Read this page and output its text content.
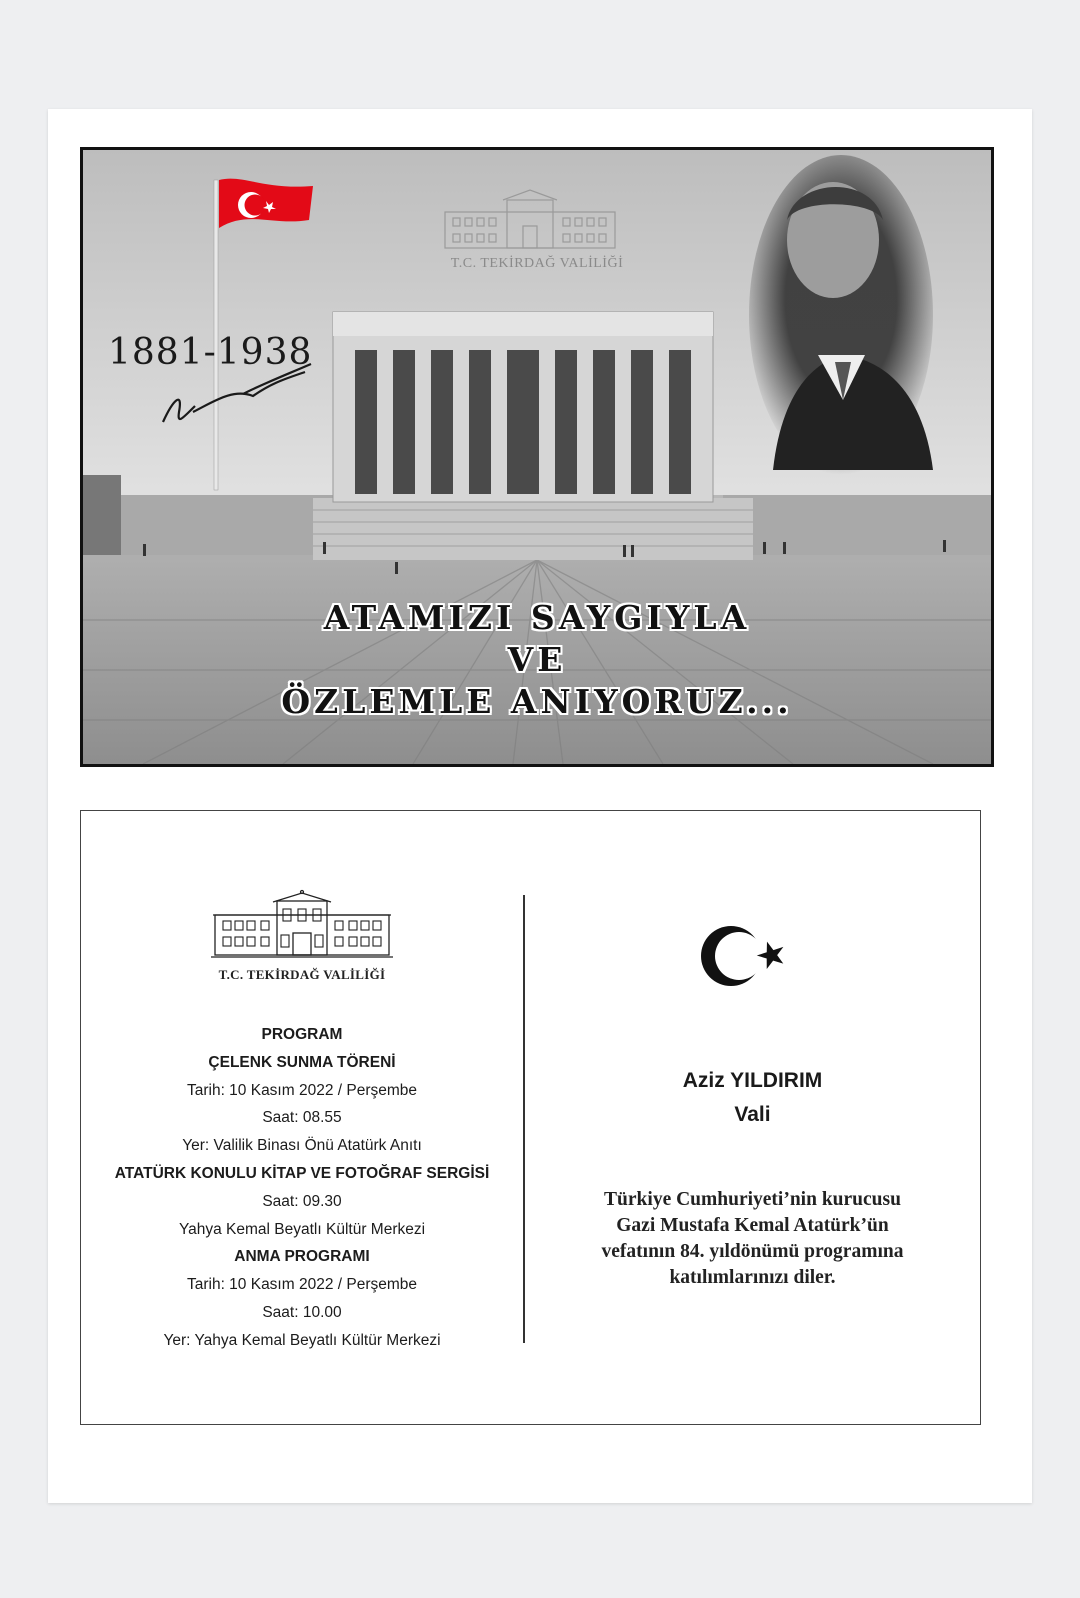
T.C. TEKİRDAĞ VALİLİĞİ
1881-1938
ATAMIZI SAYGIYLA
VE
ÖZLEMLE ANIYORUZ...
T.C. TEKİRDAĞ VALİLİĞİ
PROGRAM
ÇELENK SUNMA TÖRENİ
Tarih: 10 Kasım 2022 / Perşembe
Saat: 08.55
Yer: Valilik Binası Önü Atatürk Anıtı
ATATÜRK KONULU KİTAP VE FOTOĞRAF SERGİSİ
Saat: 09.30
Yahya Kemal Beyatlı Kültür Merkezi
ANMA PROGRAMI
Tarih: 10 Kasım 2022 / Perşembe
Saat: 10.00
Yer: Yahya Kemal Beyatlı Kültür Merkezi
Aziz YILDIRIM
Vali
Türkiye Cumhuriyeti’nin kurucusu
Gazi Mustafa Kemal Atatürk’ün
vefatının 84. yıldönümü programına
katılımlarınızı diler.
